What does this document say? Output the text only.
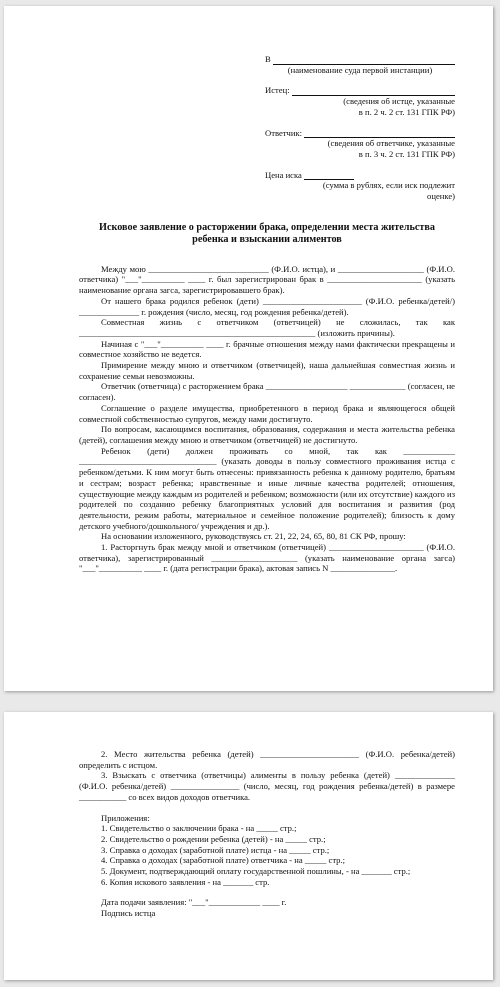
В
(наименование суда первой инстанции)
Истец:
(сведения об истце, указанные
в п. 2 ч. 2 ст. 131 ГПК РФ)
Ответчик:
(сведения об ответчике, указанные
в п. 3 ч. 2 ст. 131 ГПК РФ)
Цена иска
(сумма в рублях, если иск подлежит
оценке)
Исковое заявление о расторжении брака, определении места жительства
ребенка и взыскании алиментов
Между мою ____________________________ (Ф.И.О. истца), и ____________________ (Ф.И.О. ответчика) "___"__________ ____ г. был зарегистрирован брак в ______________________ (указать наименование органа загса, зарегистрировавшего брак).
От нашего брака родился ребенок (дети) _______________________ (Ф.И.О. ребенка/детей/) ______________ г. рождения (число, месяц, год рождения ребенка/детей).
Совместная жизнь с ответчиком (ответчицей) не сложилась, так как _______________________________________________________ (изложить причины).
Начиная с "___"__________ ____ г. брачные отношения между нами фактически прекращены и совместное хозяйство не ведется.
Примирение между мною и ответчиком (ответчицей), наша дальнейшая совместная жизнь и сохранение семьи невозможны.
Ответчик (ответчица) с расторжением брака ___________________ _____________ (согласен, не согласен).
Соглашение о разделе имущества, приобретенного в период брака и являющегося общей совместной собственностью супругов, между нами достигнуто.
По вопросам, касающимся воспитания, образования, содержания и места жительства ребенка (детей), соглашения между мною и ответчиком (ответчицей) не достигнуто.
Ребенок (дети) должен проживать со мной, так как ____________ ________________________________ (указать доводы в пользу совместного проживания истца с ребенком/детьми. К ним могут быть отнесены: привязанность ребенка к данному родителю, братьям и сестрам; возраст ребенка; нравственные и иные личные качества родителей; отношения, существующие между каждым из родителей и ребенком; возможности (или их отсутствие) каждого из родителей по созданию ребенку благоприятных условий для воспитания и развития (род деятельности, режим работы, материальное и семейное положение родителей); близость к дому детского учебного/дошкольного/ учреждения и др.).
На основании изложенного, руководствуясь ст. 21, 22, 24, 65, 80, 81 СК РФ, прошу:
1. Расторгнуть брак между мной и ответчиком (ответчицей) ______________________ (Ф.И.О. ответчика), зарегистрированный ____________________ (указать наименование органа загса) "___"__________ ____ г. (дата регистрации брака), актовая запись N _______________.
2. Место жительства ребенка (детей) _______________________ (Ф.И.О. ребенка/детей) определить с истцом.
3. Взыскать с ответчика (ответчицы) алименты в пользу ребенка (детей) ______________ (Ф.И.О. ребенка/детей) ________________ (число, месяц, год рождения ребенка/детей) в размере ___________ со всех видов доходов ответчика.
Приложения:
1. Свидетельство о заключении брака - на _____ стр.;
2. Свидетельство о рождении ребенка (детей) - на _____ стр.;
3. Справка о доходах (заработной плате) истца - на _____ стр.;
4. Справка о доходах (заработной плате) ответчика - на _____ стр.;
5. Документ, подтверждающий оплату государственной пошлины, - на _______ стр.;
6. Копия искового заявления - на _______ стр.
Дата подачи заявления: "___"____________ ____ г.
Подпись истца
